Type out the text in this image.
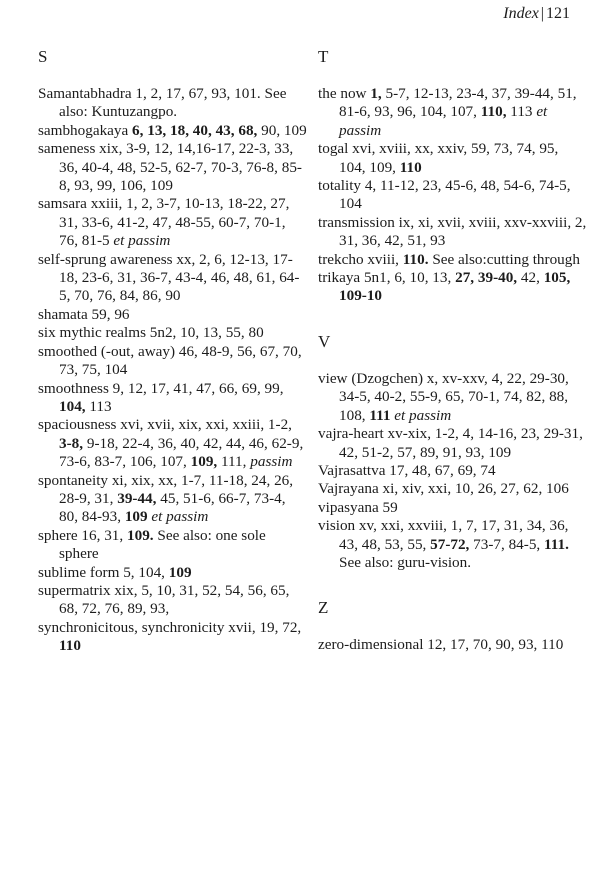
Index | 121
S

Samantabhadra 1, 2, 17, 67, 93, 101. See also: Kuntuzangpo.

sambhogakaya 6, 13, 18, 40, 43, 68, 90, 109

sameness xix, 3-9, 12, 14,16-17, 22-3, 33, 36, 40-4, 48, 52-5, 62-7, 70-3, 76-8, 85-8, 93, 99, 106, 109

samsara xxiii, 1, 2, 3-7, 10-13, 18-22, 27, 31, 33-6, 41-2, 47, 48-55, 60-7, 70-1, 76, 81-5 et passim

self-sprung awareness xx, 2, 6, 12-13, 17-18, 23-6, 31, 36-7, 43-4, 46, 48, 61, 64-5, 70, 76, 84, 86, 90

shamata 59, 96

six mythic realms 5n2, 10, 13, 55, 80

smoothed (-out, away) 46, 48-9, 56, 67, 70, 73, 75, 104

smoothness 9, 12, 17, 41, 47, 66, 69, 99, 104, 113

spaciousness xvi, xvii, xix, xxi, xxiii, 1-2, 3-8, 9-18, 22-4, 36, 40, 42, 44, 46, 62-9, 73-6, 83-7, 106, 107, 109, 111, passim

spontaneity xi, xix, xx, 1-7, 11-18, 24, 26, 28-9, 31, 39-44, 45, 51-6, 66-7, 73-4, 80, 84-93, 109 et passim

sphere 16, 31, 109. See also: one sole sphere

sublime form 5, 104, 109

supermatrix xix, 5, 10, 31, 52, 54, 56, 65, 68, 72, 76, 89, 93,

synchronicitous, synchronicity xvii, 19, 72, 110

T

the now 1, 5-7, 12-13, 23-4, 37, 39-44, 51, 81-6, 93, 96, 104, 107, 110, 113 et passim

togal xvi, xviii, xx, xxiv, 59, 73, 74, 95, 104, 109, 110

totality 4, 11-12, 23, 45-6, 48, 54-6, 74-5, 104

transmission ix, xi, xvii, xviii, xxv-xxviii, 2, 31, 36, 42, 51, 93

trekcho xviii, 110. See also:cutting through

trikaya 5n1, 6, 10, 13, 27, 39-40, 42, 105, 109-10

V

view (Dzogchen) x, xv-xxv, 4, 22, 29-30, 34-5, 40-2, 55-9, 65, 70-1, 74, 82, 88, 108, 111 et passim

vajra-heart xv-xix, 1-2, 4, 14-16, 23, 29-31, 42, 51-2, 57, 89, 91, 93, 109

Vajrasattva 17, 48, 67, 69, 74

Vajrayana xi, xiv, xxi, 10, 26, 27, 62, 106

vipasyana 59

vision xv, xxi, xxviii, 1, 7, 17, 31, 34, 36, 43, 48, 53, 55, 57-72, 73-7, 84-5, 111. See also: guru-vision.

Z

zero-dimensional 12, 17, 70, 90, 93, 110
